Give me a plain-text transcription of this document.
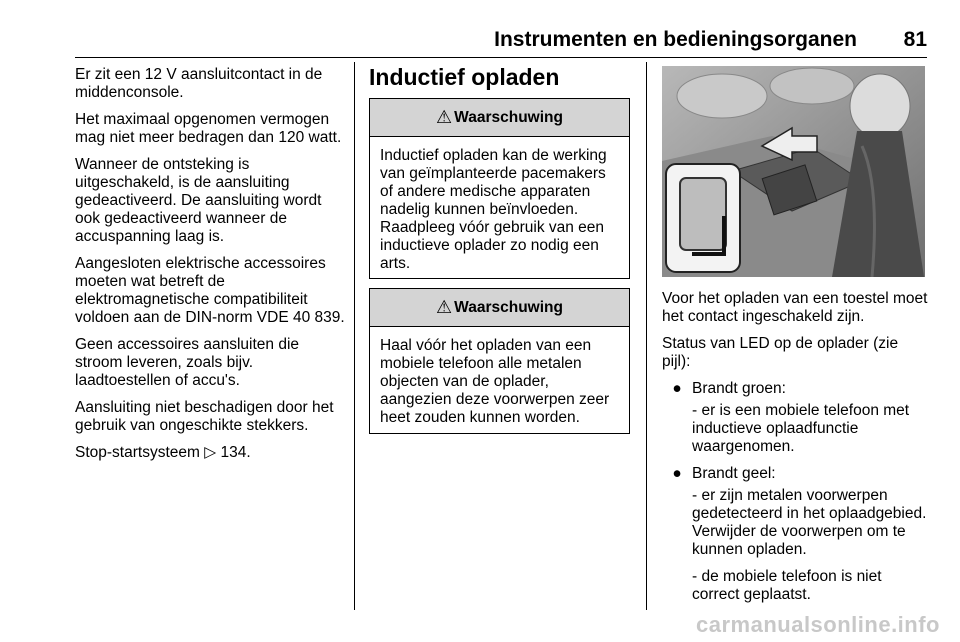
Instrumenten en bedieningsorganen 81

Er zit een 12 V aansluitcontact in de middenconsole.

Het maximaal opgenomen vermogen mag niet meer bedragen dan 120 watt.

Wanneer de ontsteking is uitgeschakeld, is de aansluiting gedeactiveerd. De aansluiting wordt ook gedeactiveerd wanneer de accuspanning laag is.

Aangesloten elektrische accessoires moeten wat betreft de elektromagnetische compatibiliteit voldoen aan de DIN-norm VDE 40 839.

Geen accessoires aansluiten die stroom leveren, zoals bijv. laadtoestellen of accu's.

Aansluiting niet beschadigen door het gebruik van ongeschikte stekkers.

Stop-startsysteem ▷ 134.

Inductief opladen
⚠ Waarschuwing
Inductief opladen kan de werking van geïmplanteerde pacemakers of andere medische apparaten nadelig kunnen beïnvloeden. Raadpleeg vóór gebruik van een inductieve oplader zo nodig een arts.
⚠ Waarschuwing
Haal vóór het opladen van een mobiele telefoon alle metalen objecten van de oplader, aangezien deze voorwerpen zeer heet zouden kunnen worden.

Voor het opladen van een toestel moet het contact ingeschakeld zijn.

Status van LED op de oplader (zie pijl):

● Brandt groen:

- er is een mobiele telefoon met inductieve oplaadfunctie waargenomen.

● Brandt geel:

- er zijn metalen voorwerpen gedetecteerd in het oplaadgebied. Verwijder de voorwerpen om te kunnen opladen.

- de mobiele telefoon is niet correct geplaatst.

carmanualsonline.info
